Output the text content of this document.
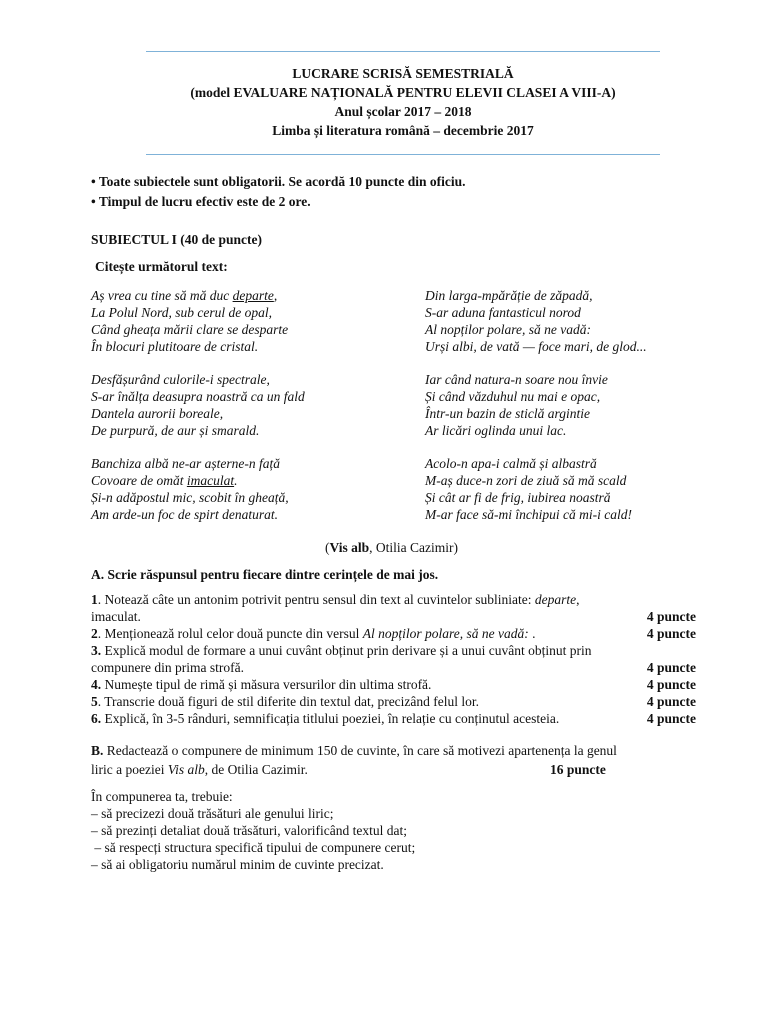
LUCRARE SCRISĂ SEMESTRIALĂ
(model EVALUARE NAȚIONALĂ PENTRU ELEVII CLASEI A VIII-A)
Anul școlar 2017 – 2018
Limba și literatura română – decembrie 2017
• Toate subiectele sunt obligatorii. Se acordă 10 puncte din oficiu.
• Timpul de lucru efectiv este de 2 ore.
SUBIECTUL I (40 de puncte)
Citește următorul text:
Aș vrea cu tine să mă duc departe,
La Polul Nord, sub cerul de opal,
Când gheața mării clare se desparte
În blocuri plutitoare de cristal.
Desfășurând culorile-i spectrale,
S-ar înălța deasupra noastră ca un fald
Dantela aurorii boreale,
De purpură, de aur și smarald.
Banchiza albă ne-ar așterne-n față
Covoare de omăt imaculat.
Și-n adăpostul mic, scobit în gheață,
Am arde-un foc de spirt denaturat.
Din larga-mpărăție de zăpadă,
S-ar aduna fantasticul norod
Al nopților polare, să ne vadă:
Urși albi, de vată — foce mari, de glod...
Iar când natura-n soare nou învie
Și când văzduhul nu mai e opac,
Într-un bazin de sticlă argintie
Ar licări oglinda unui lac.
Acolo-n apa-i calmă și albastră
M-aș duce-n zori de ziuă să mă scald
Și cât ar fi de frig, iubirea noastră
M-ar face să-mi închipui că mi-i cald!
(Vis alb, Otilia Cazimir)
A. Scrie răspunsul pentru fiecare dintre cerințele de mai jos.
1. Notează câte un antonim potrivit pentru sensul din text al cuvintelor subliniate: departe,
imaculat.	4 puncte
2. Menționează rolul celor două puncte din versul Al nopților polare, să ne vadă: .	4 puncte
3. Explică modul de formare a unui cuvânt obținut prin derivare și a unui cuvânt obținut prin
compunere din prima strofă.	4 puncte
4. Numește tipul de rimă și măsura versurilor din ultima strofă.	4 puncte
5. Transcrie două figuri de stil diferite din textul dat, precizând felul lor.	4 puncte
6. Explică, în 3-5 rânduri, semnificația titlului poeziei, în relație cu conținutul acesteia.	4 puncte
B. Redactează o compunere de minimum 150 de cuvinte, în care să motivezi apartenența la genul
liric a poeziei Vis alb, de Otilia Cazimir.	16 puncte
În compunerea ta, trebuie:
– să precizezi două trăsături ale genului liric;
– să prezinți detaliat două trăsături, valorificând textul dat;
– să respecți structura specifică tipului de compunere cerut;
– să ai obligatoriu numărul minim de cuvinte precizat.
